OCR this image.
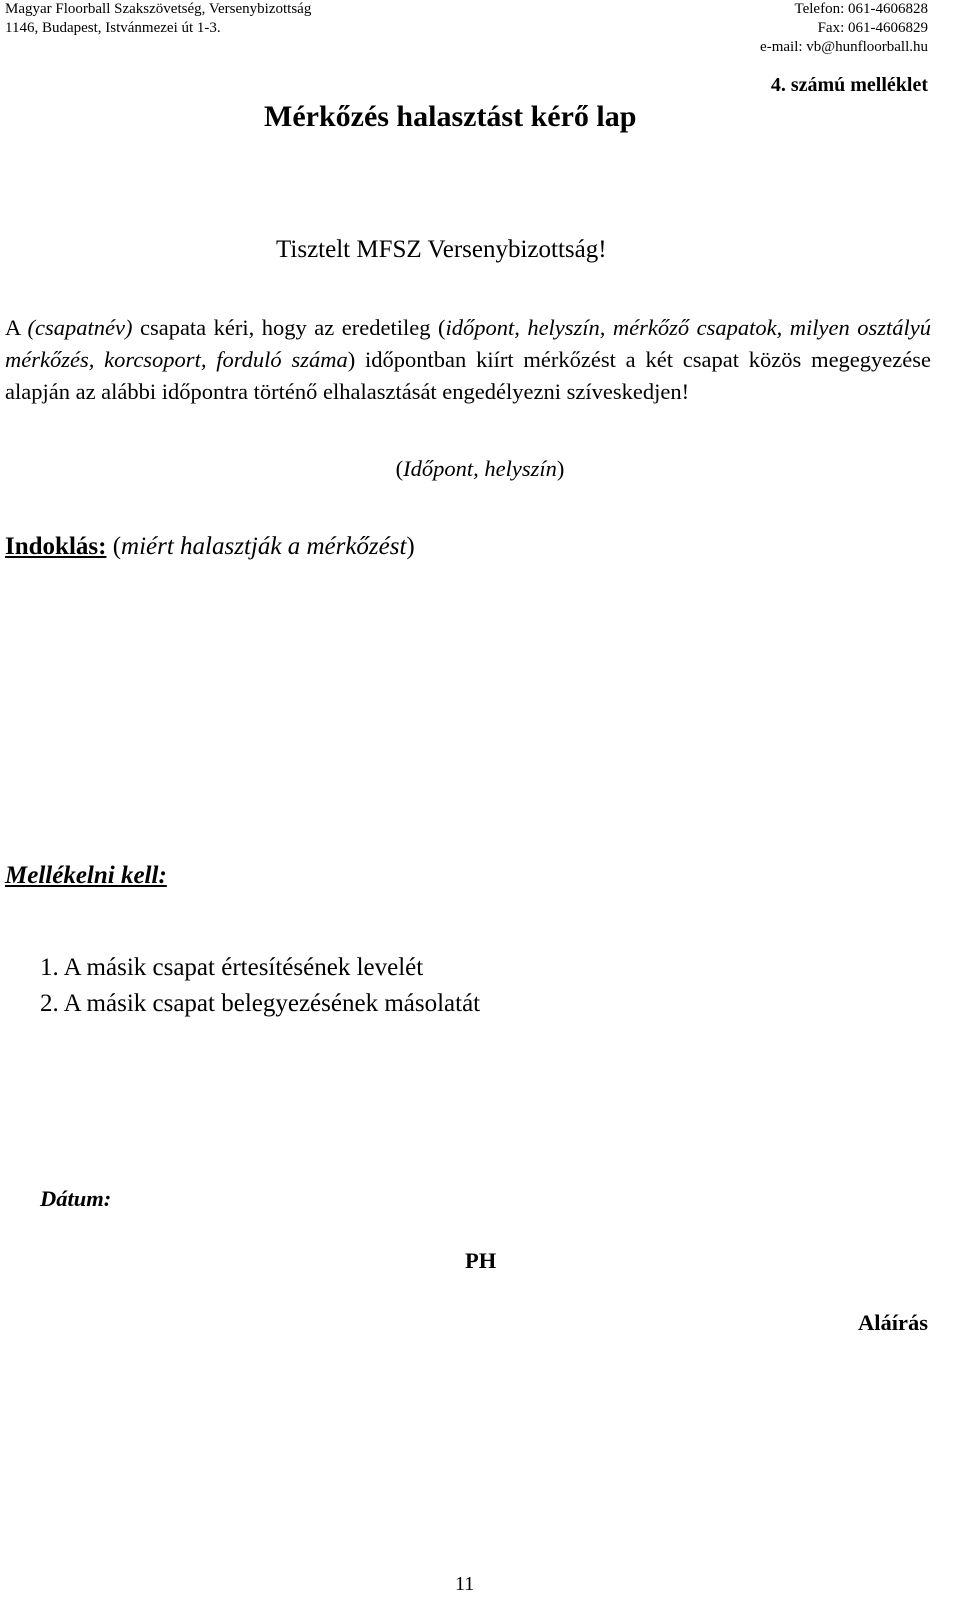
Magyar Floorball Szakszövetség, Versenybizottság
1146, Budapest, Istvánmezei út 1-3.
Telefon: 061-4606828
Fax: 061-4606829
e-mail: vb@hunfloorball.hu
4. számú melléklet
Mérkőzés halasztást kérő lap
Tisztelt MFSZ Versenybizottság!
A (csapatnév) csapata kéri, hogy az eredetileg (időpont, helyszín, mérkőző csapatok, milyen osztályú mérkőzés, korcsoport, forduló száma) időpontban kiírt mérkőzést a két csapat közös megegyezése alapján az alábbi időpontra történő elhalasztását engedélyezni szíveskedjen!
(Időpont, helyszín)
Indoklás: (miért halasztják a mérkőzést)
Mellékelni kell:
1. A másik csapat értesítésének levelét
2. A másik csapat belegyezésének másolatát
Dátum:
PH
Aláírás
11
